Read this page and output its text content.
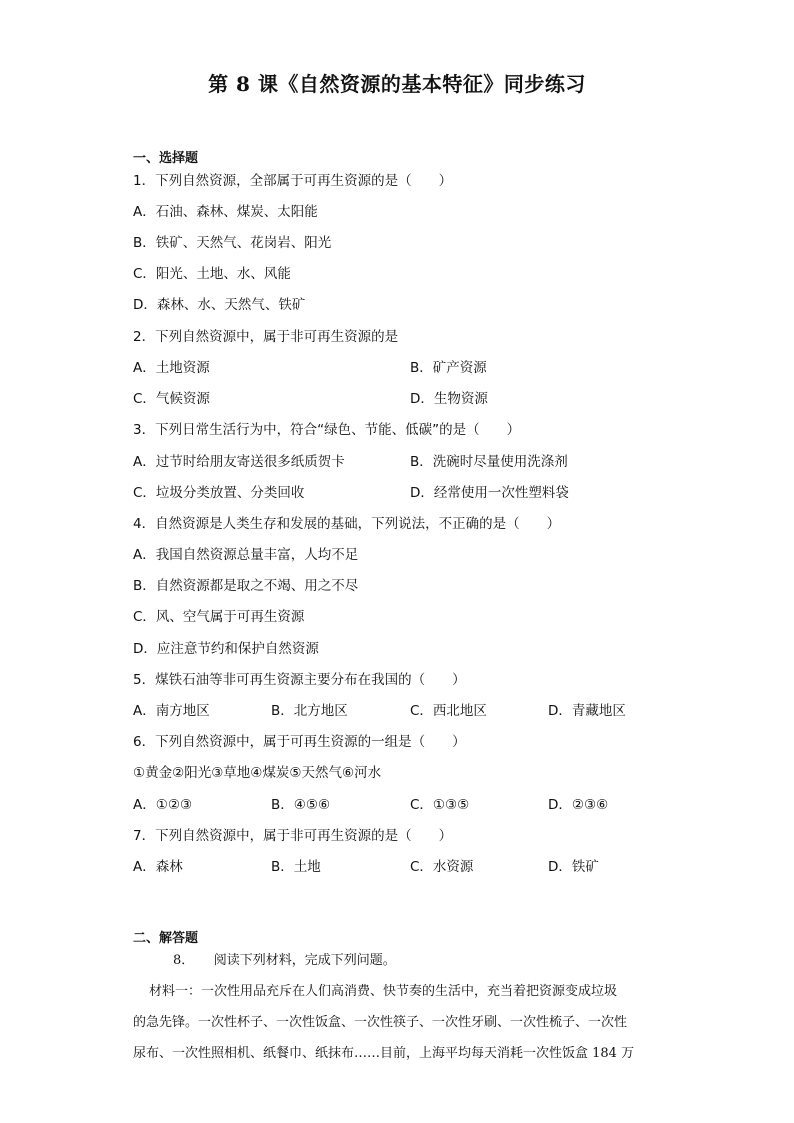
第 8 课《自然资源的基本特征》同步练习
一、选择题
1．下列自然资源，全部属于可再生资源的是（　　）
A．石油、森林、煤炭、太阳能
B．铁矿、天然气、花岗岩、阳光
C．阳光、土地、水、风能
D．森林、水、天然气、铁矿
2．下列自然资源中，属于非可再生资源的是
A．土地资源	B．矿产资源
C．气候资源	D．生物资源
3．下列日常生活行为中，符合“绿色、节能、低碳”的是（　　）
A．过节时给朋友寄送很多纸质贺卡	B．洗碗时尽量使用洗涤剂
C．垃圾分类放置、分类回收	D．经常使用一次性塑料袋
4．自然资源是人类生存和发展的基础，下列说法，不正确的是（　　）
A．我国自然资源总量丰富，人均不足
B．自然资源都是取之不竭、用之不尽
C．风、空气属于可再生资源
D．应注意节约和保护自然资源
5．煤铁石油等非可再生资源主要分布在我国的（　　）
A．南方地区	B．北方地区	C．西北地区	D．青藏地区
6．下列自然资源中，属于可再生资源的一组是（　　）
①黄金②阳光③草地④煤炭⑤天然气⑥河水
A．①②③	B．④⑤⑥	C．①③⑤	D．②③⑥
7．下列自然资源中，属于非可再生资源的是（　　）
A．森林	B．土地	C．水资源	D．铁矿
二、解答题
8．　　阅读下列材料，完成下列问题。
材料一：一次性用品充斥在人们高消费、快节奏的生活中，充当着把资源变成垃圾
的急先锋。一次性杯子、一次性饭盒、一次性筷子、一次性牙刷、一次性梳子、一次性
尿布、一次性照相机、纸餐巾、纸抹布……目前，上海平均每天消耗一次性饭盒 184 万
